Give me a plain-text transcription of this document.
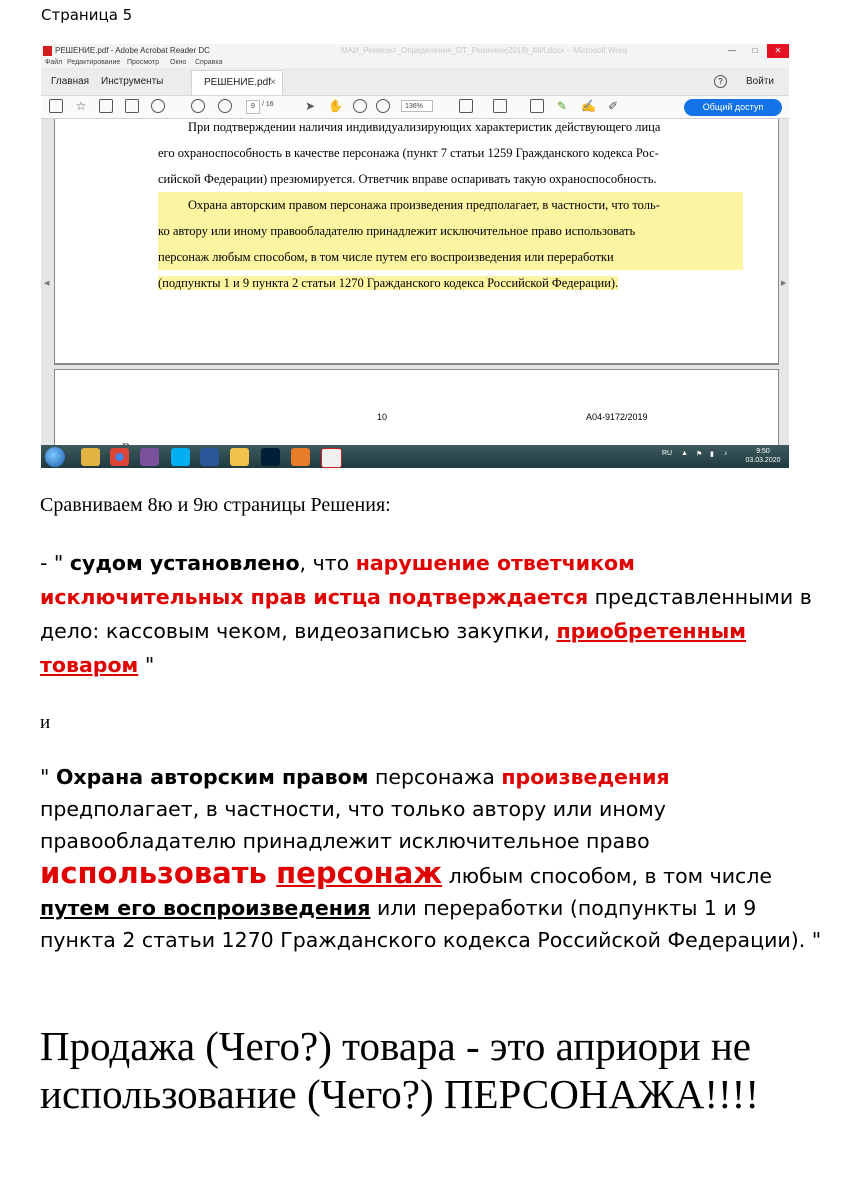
Страница 5
РЕШЕНИЕ.pdf - Adobe Acrobat Reader DC	МАИ_Реквизит_Определения_ОТ_Решение(2019)_МИ.docx – Microsoft Word	—	□	✕
Файл Редактирование Просмотр Окно Справка
Главная Инструменты	РЕШЕНИЕ.pdf ×	?	Войти
☆	9	/ 16	➤ ✋	136%	✎ ✍ ✐	Общий доступ
◀	▶
При подтверждении наличия индивидуализирующих характеристик действующего лица
его охраноспособность в качестве персонажа (пункт 7 статьи 1259 Гражданского кодекса Рос-
сийской Федерации) презюмируется. Ответчик вправе оспаривать такую охраноспособность.
Охрана авторским правом персонажа произведения предполагает, в частности, что толь-
ко автору или иному правообладателю принадлежит исключительное право использовать
персонаж любым способом, в том числе путем его воспроизведения или переработки
(подпункты 1 и 9 пункта 2 статьи 1270 Гражданского кодекса Российской Федерации).
10	А04-9172/2019
RU ▲ ⚑ ▮ ♪	9:50
03.03.2020

Сравниваем 8ю и 9ю страницы Решения:

- " судом установлено, что нарушение ответчиком исключительных прав истца подтверждается представленными в дело: кассовым чеком, видеозаписью закупки, приобретенным товаром "

и

" Охрана авторским правом персонажа произведения предполагает, в частности, что только автору или иному правообладателю принадлежит исключительное право использовать персонаж любым способом, в том числе путем его воспроизведения или переработки (подпункты 1 и 9 пункта 2 статьи 1270 Гражданского кодекса Российской Федерации). "

Продажа (Чего?) товара - это априори не использование (Чего?) ПЕРСОНАЖА!!!!
